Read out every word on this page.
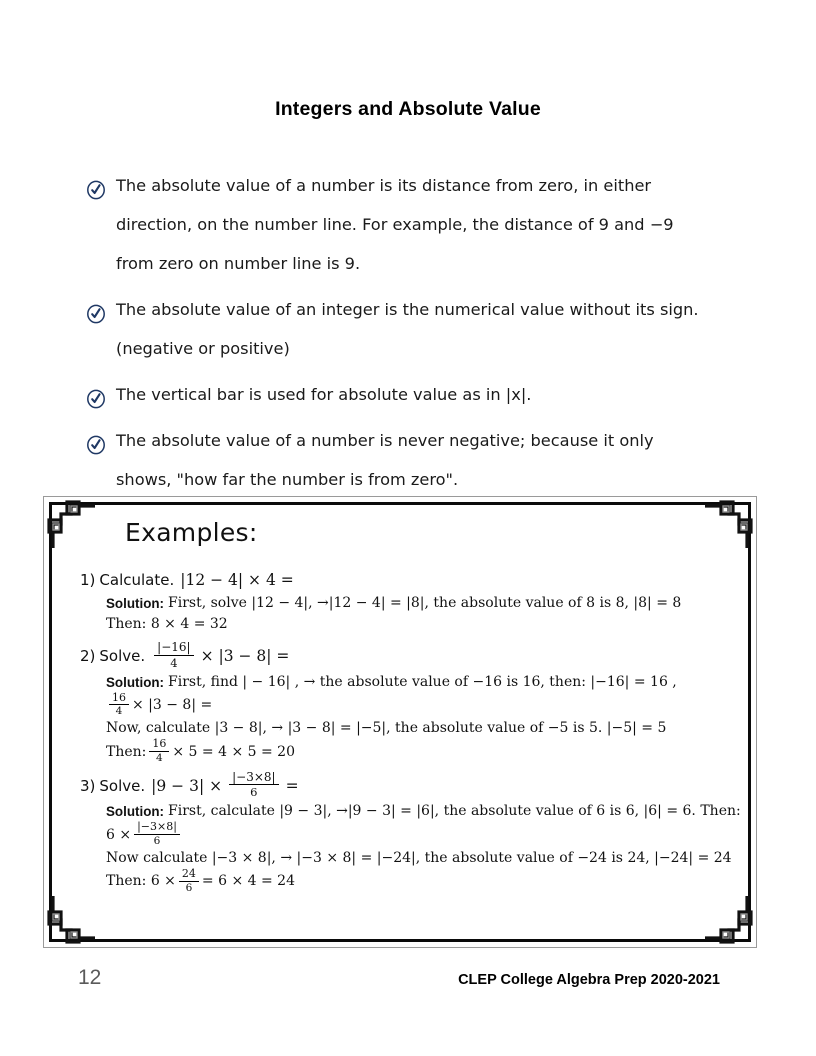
Integers and Absolute Value
The absolute value of a number is its distance from zero, in either
direction, on the number line. For example, the distance of 9 and −9
from zero on number line is 9.
The absolute value of an integer is the numerical value without its sign.
(negative or positive)
The vertical bar is used for absolute value as in |x|.
The absolute value of a number is never negative; because it only
shows, "how far the number is from zero".
Examples:
1) Calculate. |12 − 4| × 4 =
Solution: First, solve |12 − 4|, →|12 − 4| = |8|, the absolute value of 8 is 8, |8| = 8
Then: 8 × 4 = 32
2) Solve. $\frac{|-16|}{4} \times |3 - 8|$ =
Solution: First, find | − 16| , → the absolute value of −16 is 16, then: |−16| = 16 ,
$\frac{16}{4} \times |3 - 8|$ =
Now, calculate |3 − 8|, → |3 − 8| = |−5|, the absolute value of −5 is 5. |−5| = 5
Then: $\frac{16}{4} \times 5 = 4 \times 5 = 20$
3) Solve. $|9 - 3| \times \frac{|-3\times 8|}{6}$ =
Solution: First, calculate |9 − 3|, →|9 − 3| = |6|, the absolute value of 6 is 6, |6| = 6. Then:
$6 \times \frac{|-3\times 8|}{6}$
Now calculate |−3 × 8|, → |−3 × 8| = |−24|, the absolute value of −24 is 24, |−24| = 24
Then: $6 \times \frac{24}{6} = 6 \times 4 = 24$
12	CLEP College Algebra Prep 2020-2021
